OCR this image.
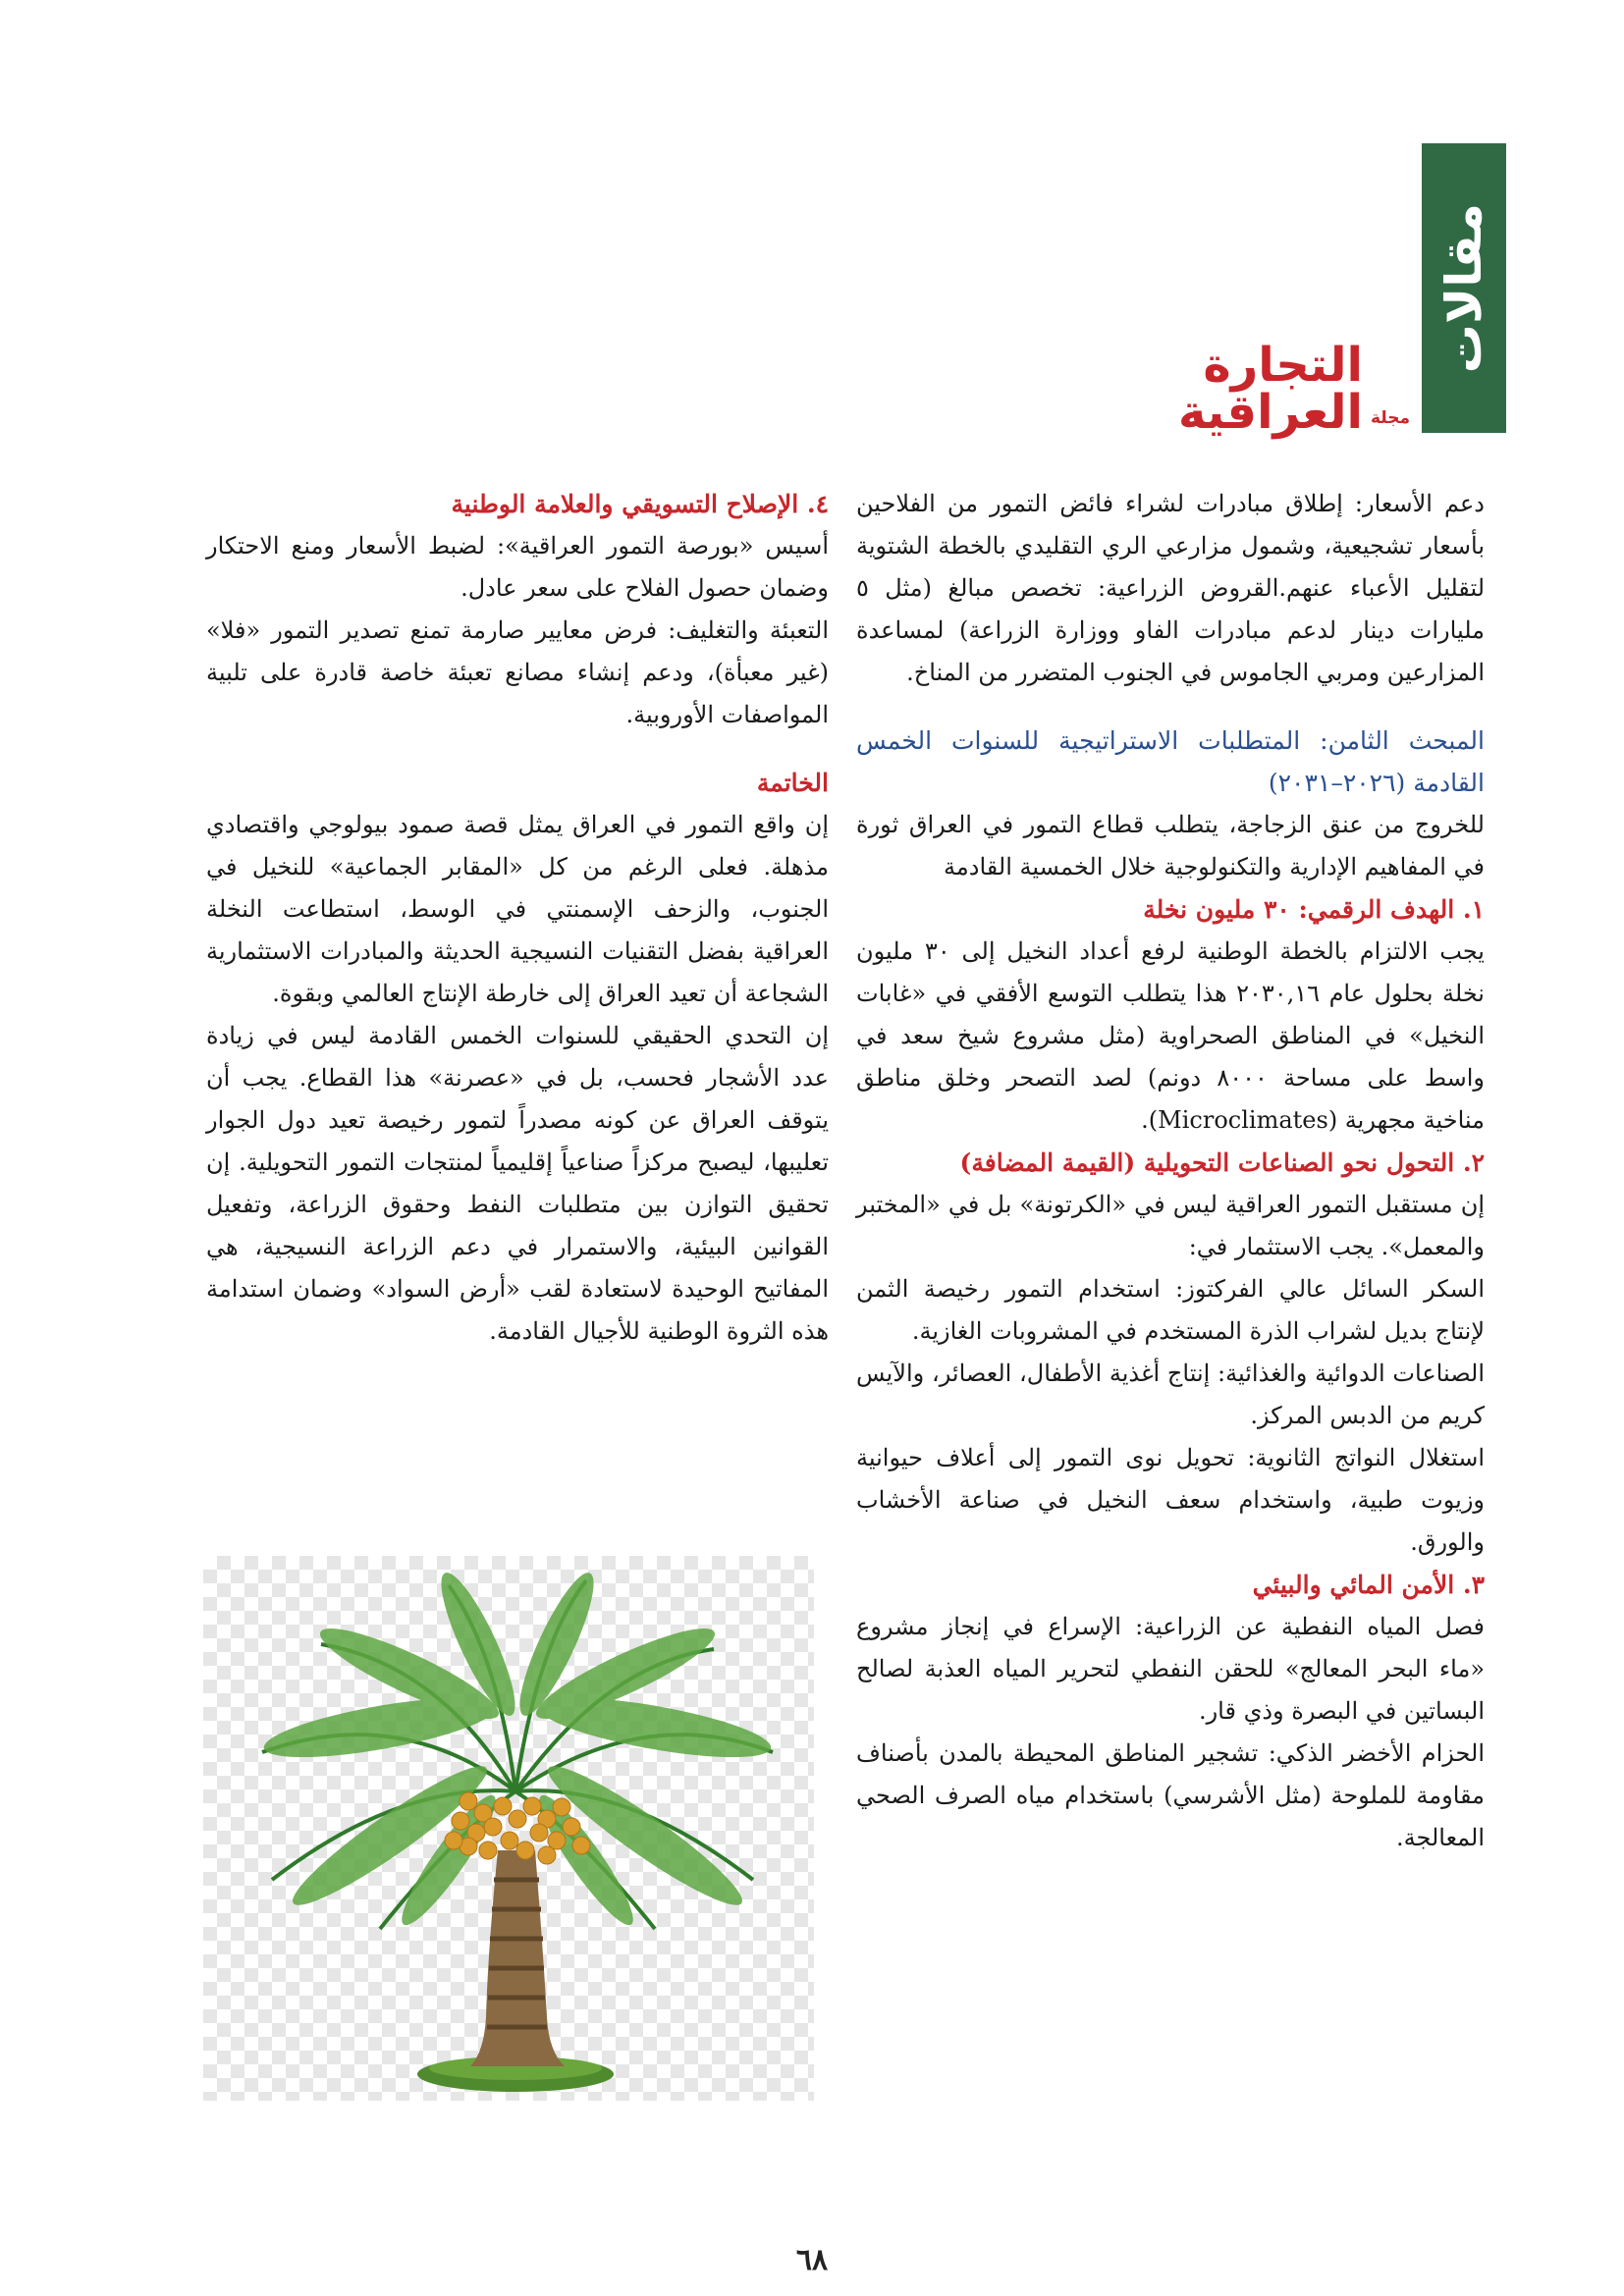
مقالات
مجلة
التجارة العراقية

دعم الأسعار: إطلاق مبادرات لشراء فائض التمور من الفلاحين بأسعار تشجيعية، وشمول مزارعي الري التقليدي بالخطة الشتوية لتقليل الأعباء عنهم.القروض الزراعية: تخصص مبالغ (مثل ٥ مليارات دينار لدعم مبادرات الفاو ووزارة الزراعة) لمساعدة المزارعين ومربي الجاموس في الجنوب المتضرر من المناخ.

المبحث الثامن: المتطلبات الاستراتيجية للسنوات الخمس القادمة (٢٠٢٦–٢٠٣١)

للخروج من عنق الزجاجة، يتطلب قطاع التمور في العراق ثورة في المفاهيم الإدارية والتكنولوجية خلال الخمسية القادمة

١. الهدف الرقمي: ٣٠ مليون نخلة

يجب الالتزام بالخطة الوطنية لرفع أعداد النخيل إلى ٣٠ مليون نخلة بحلول عام ٢٠٣٠,١٦ هذا يتطلب التوسع الأفقي في «غابات النخيل» في المناطق الصحراوية (مثل مشروع شيخ سعد في واسط على مساحة ٨٠٠٠ دونم) لصد التصحر وخلق مناطق مناخية مجهرية (Microclimates).

٢. التحول نحو الصناعات التحويلية (القيمة المضافة)

إن مستقبل التمور العراقية ليس في «الكرتونة» بل في «المختبر والمعمل». يجب الاستثمار في:

السكر السائل عالي الفركتوز: استخدام التمور رخيصة الثمن لإنتاج بديل لشراب الذرة المستخدم في المشروبات الغازية.

الصناعات الدوائية والغذائية: إنتاج أغذية الأطفال، العصائر، والآيس كريم من الدبس المركز.

استغلال النواتج الثانوية: تحويل نوى التمور إلى أعلاف حيوانية وزيوت طبية، واستخدام سعف النخيل في صناعة الأخشاب والورق.

٣. الأمن المائي والبيئي

فصل المياه النفطية عن الزراعية: الإسراع في إنجاز مشروع «ماء البحر المعالج» للحقن النفطي لتحرير المياه العذبة لصالح البساتين في البصرة وذي قار.

الحزام الأخضر الذكي: تشجير المناطق المحيطة بالمدن بأصناف مقاومة للملوحة (مثل الأشرسي) باستخدام مياه الصرف الصحي المعالجة.

٤. الإصلاح التسويقي والعلامة الوطنية

أسيس «بورصة التمور العراقية»: لضبط الأسعار ومنع الاحتكار وضمان حصول الفلاح على سعر عادل.

التعبئة والتغليف: فرض معايير صارمة تمنع تصدير التمور «فلا» (غير معبأة)، ودعم إنشاء مصانع تعبئة خاصة قادرة على تلبية المواصفات الأوروبية.

الخاتمة

إن واقع التمور في العراق يمثل قصة صمود بيولوجي واقتصادي مذهلة. فعلى الرغم من كل «المقابر الجماعية» للنخيل في الجنوب، والزحف الإسمنتي في الوسط، استطاعت النخلة العراقية بفضل التقنيات النسيجية الحديثة والمبادرات الاستثمارية الشجاعة أن تعيد العراق إلى خارطة الإنتاج العالمي وبقوة.

إن التحدي الحقيقي للسنوات الخمس القادمة ليس في زيادة عدد الأشجار فحسب، بل في «عصرنة» هذا القطاع. يجب أن يتوقف العراق عن كونه مصدراً لتمور رخيصة تعيد دول الجوار تعليبها، ليصبح مركزاً صناعياً إقليمياً لمنتجات التمور التحويلية. إن تحقيق التوازن بين متطلبات النفط وحقوق الزراعة، وتفعيل القوانين البيئية، والاستمرار في دعم الزراعة النسيجية، هي المفاتيح الوحيدة لاستعادة لقب «أرض السواد» وضمان استدامة هذه الثروة الوطنية للأجيال القادمة.

٦٨
